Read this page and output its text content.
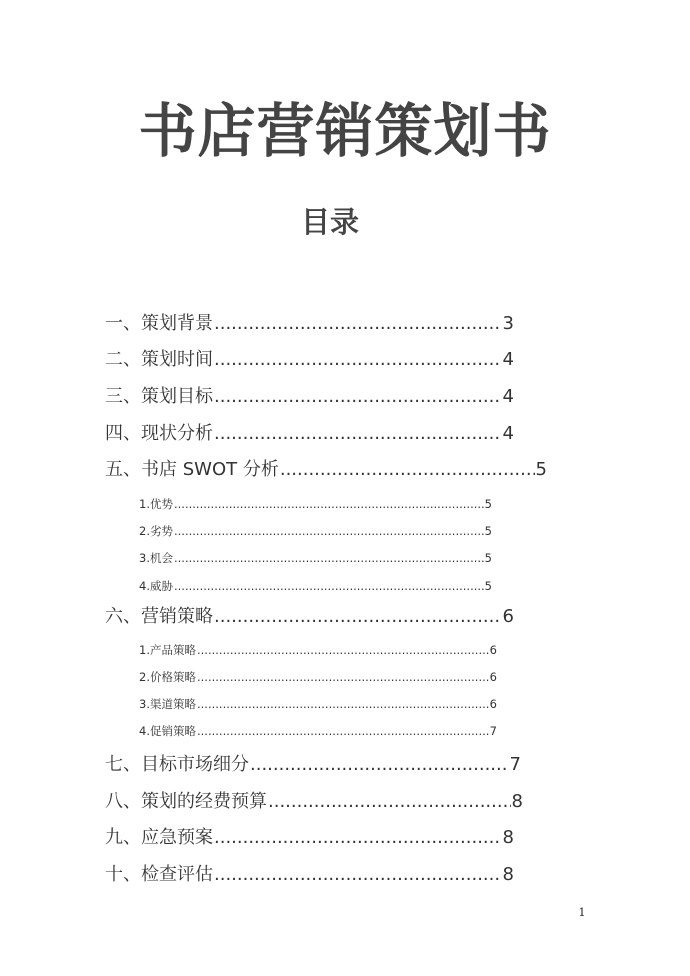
书店营销策划书
目录
一、策划背景 .....	3
二、策划时间 .....	4
三、策划目标 .....	4
四、现状分析 .....	4
五、书店 SWOT 分析 .....	5
1.优势 .....	5
2.劣势 .....	5
3.机会 .....	5
4.威胁 .....	5
六、营销策略 .....	6
1.产品策略 .....	6
2.价格策略 .....	6
3.渠道策略 .....	6
4.促销策略 .....	7
七、目标市场细分 .....	7
八、策划的经费预算 .....	8
九、应急预案 .....	8
十、检查评估 .....	8
1
